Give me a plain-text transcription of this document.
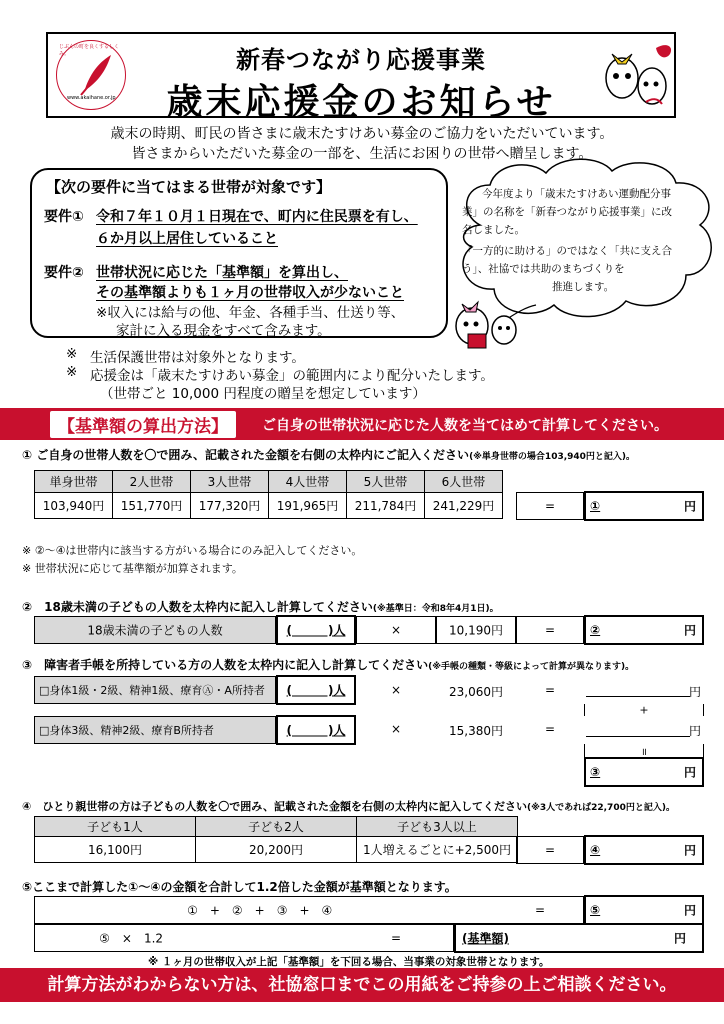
じぶんの町を良くするしくみ。
www.akaihane.or.jp
新春つながり応援事業
歳末応援金のお知らせ
歳末の時期、町民の皆さまに歳末たすけあい募金のご協力をいただいています。
皆さまからいただいた募金の一部を、生活にお困りの世帯へ贈呈します。
【次の要件に当てはまる世帯が対象です】
要件① 令和７年１０月１日現在で、町内に住民票を有し、
６か月以上居住していること
要件② 世帯状況に応じた「基準額」を算出し、
その基準額よりも１ヶ月の世帯収入が少ないこと
※収入には給与の他、年金、各種手当、仕送り等、
家計に入る現金をすべて含みます。
今年度より「歳末たすけあい運動配分事
業」の名称を「新春つながり応援事業」に改
名しました。
「一方的に助ける」のではなく「共に支え合
う」、社協では共助のまちづくりを
推進します。
※ 生活保護世帯は対象外となります。
※ 応援金は「歳末たすけあい募金」の範囲内により配分いたします。
（世帯ごと 10,000 円程度の贈呈を想定しています）
【基準額の算出方法】	ご自身の世帯状況に応じた人数を当てはめて計算してください。
① ご自身の世帯人数を〇で囲み、記載された金額を右側の太枠内にご記入ください(※単身世帯の場合103,940円と記入)。
単身世帯	2人世帯	3人世帯	4人世帯	5人世帯	6人世帯
103,940円	151,770円	177,320円	191,965円	211,784円	241,229円	=	①	円
※ ②～④は世帯内に該当する方がいる場合にのみ記入してください。
※ 世帯状況に応じて基準額が加算されます。
②　18歳未満の子どもの人数を太枠内に記入し計算してください(※基準日：令和8年4月1日)。
18歳未満の子どもの人数	(　　　)人	×	10,190円	=	②	円
③　障害者手帳を所持している方の人数を太枠内に記入し計算してください(※手帳の種類・等級によって計算が異なります)。
□身体1級・2級、精神1級、療育Ⓐ・A所持者	(　　　)人	×	23,060円	=	円
+
□身体3級、精神2級、療育B所持者	(　　　)人	×	15,380円	=	円
॥
③	円
④　ひとり親世帯の方は子どもの人数を〇で囲み、記載された金額を右側の太枠内に記入してください(※3人であれば22,700円と記入)。
子ども1人	子ども2人	子ども3人以上
16,100円	20,200円	1人増えるごとに+2,500円	=	④	円
⑤ここまで計算した①～④の金額を合計して1.2倍した金額が基準額となります。
①　+　②　+　③　+　④	=	⑤	円
⑤　×　1.2	=	(基準額)	円
※ １ヶ月の世帯収入が上記「基準額」を下回る場合、当事業の対象世帯となります。
計算方法がわからない方は、社協窓口までこの用紙をご持参の上ご相談ください。
